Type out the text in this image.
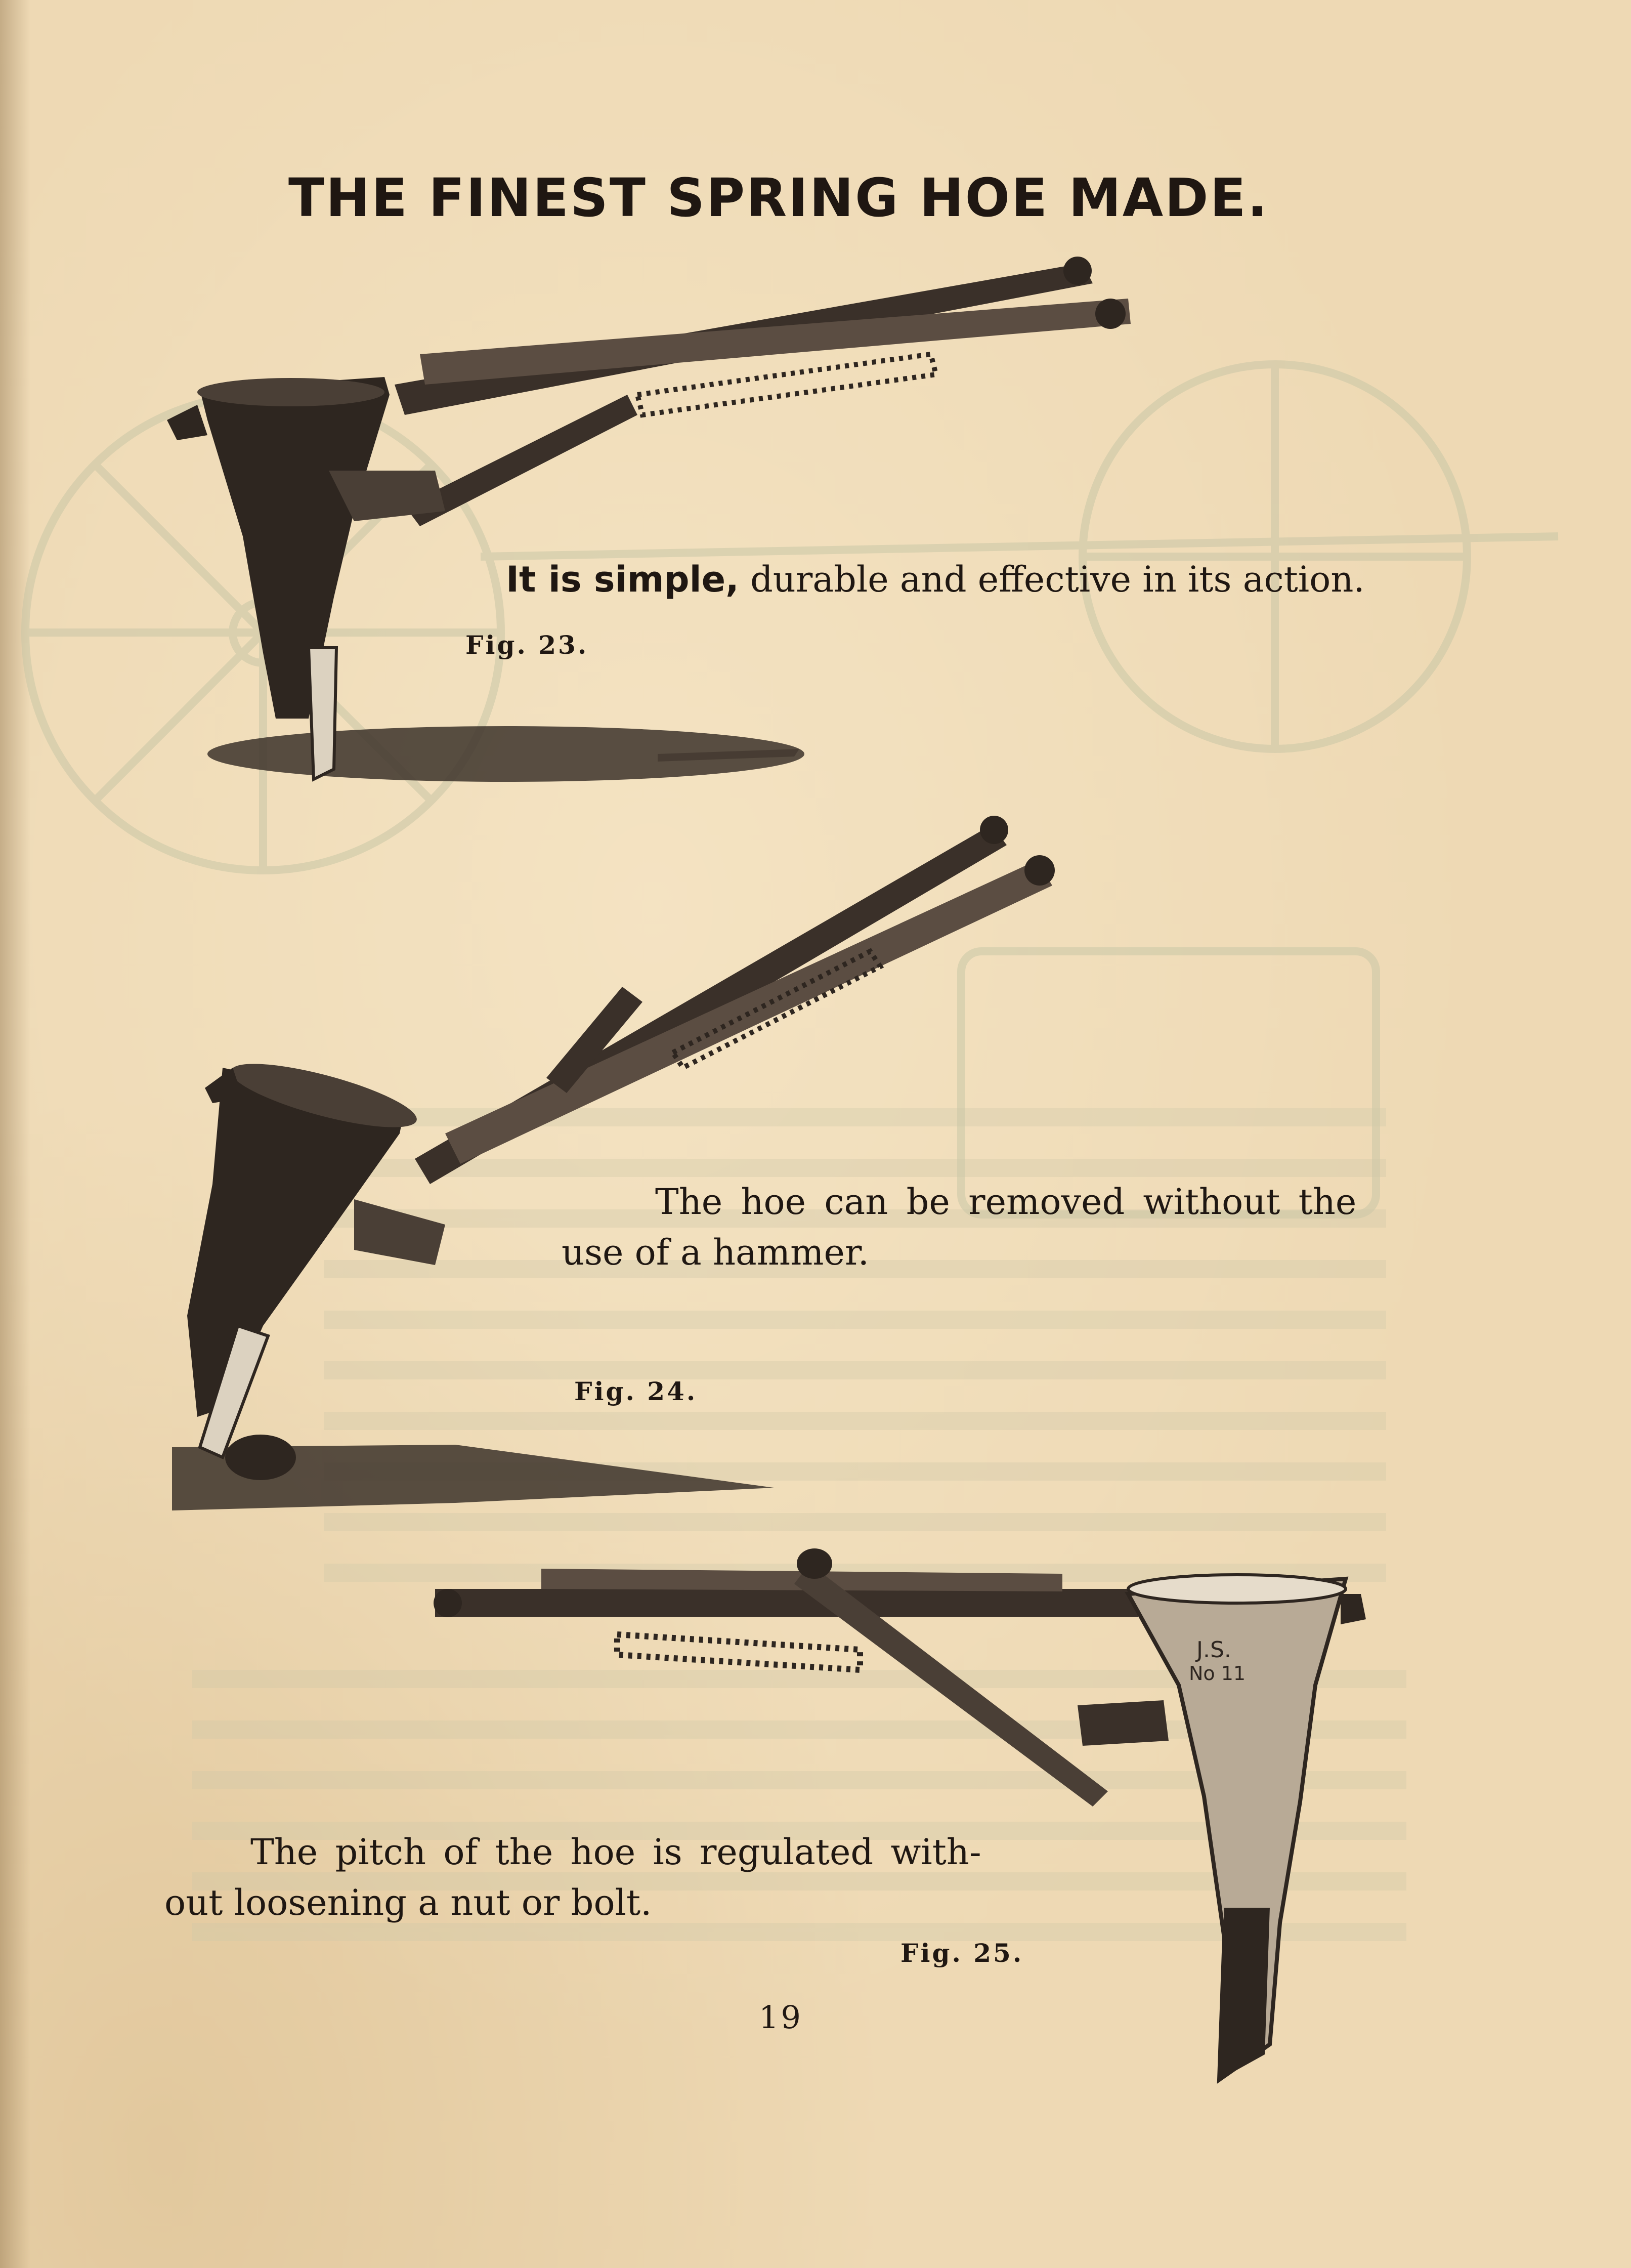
THE FINEST SPRING HOE MADE.
It is simple, durable and effective in its action.
Fig. 23.
The hoe can be removed without the
use of a hammer.
Fig. 24.
J.S.
No 11
The pitch of the hoe is regulated with-
out loosening a nut or bolt.
Fig. 25.
19
